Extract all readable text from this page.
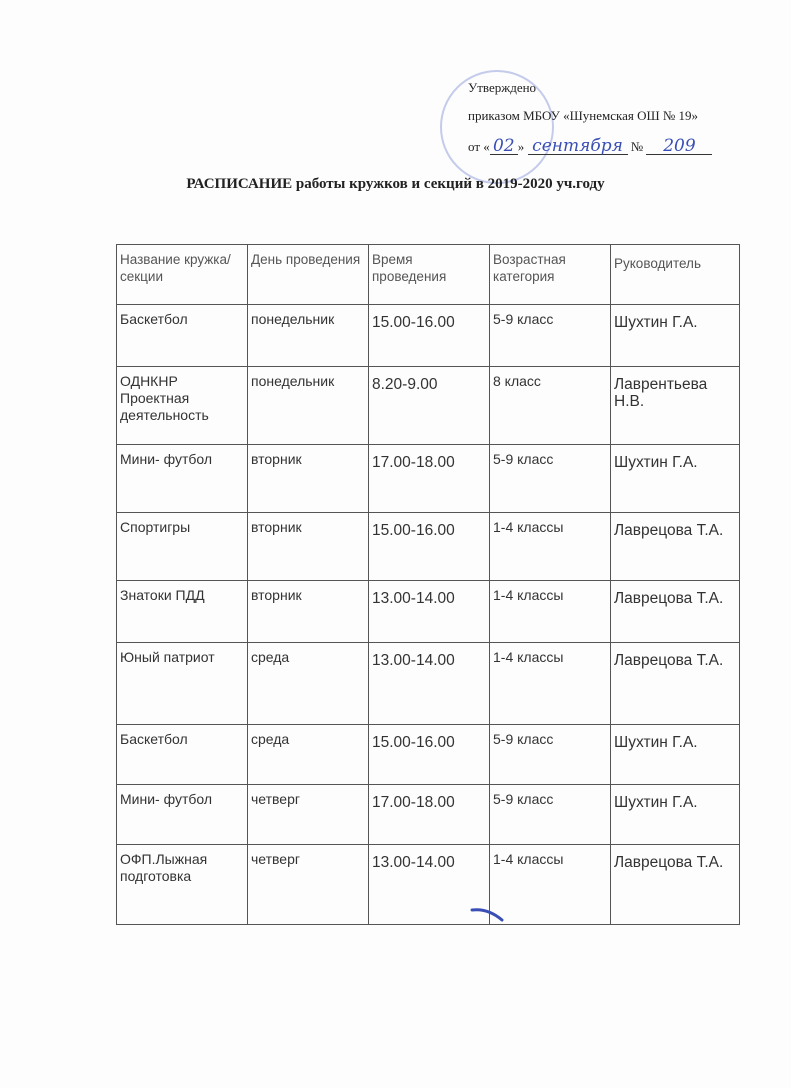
Утверждено
приказом МБОУ «Шунемская ОШ № 19»
от « 02 » сентября № 209
РАСПИСАНИЕ работы кружков и секций в 2019-2020 уч.году
Название кружка/секции	День проведения	Время проведения	Возрастная категория	Руководитель
Баскетбол	понедельник	15.00-16.00	5-9 класс	Шухтин Г.А.
ОДНКНР Проектная деятельность	понедельник	8.20-9.00	8 класс	Лаврентьева Н.В.
Мини- футбол	вторник	17.00-18.00	5-9 класс	Шухтин Г.А.
Спортигры	вторник	15.00-16.00	1-4 классы	Лаврецова Т.А.
Знатоки ПДД	вторник	13.00-14.00	1-4 классы	Лаврецова Т.А.
Юный патриот	среда	13.00-14.00	1-4 классы	Лаврецова Т.А.
Баскетбол	среда	15.00-16.00	5-9 класс	Шухтин Г.А.
Мини- футбол	четверг	17.00-18.00	5-9 класс	Шухтин Г.А.
ОФП.Лыжная подготовка	четверг	13.00-14.00	1-4 классы	Лаврецова Т.А.
